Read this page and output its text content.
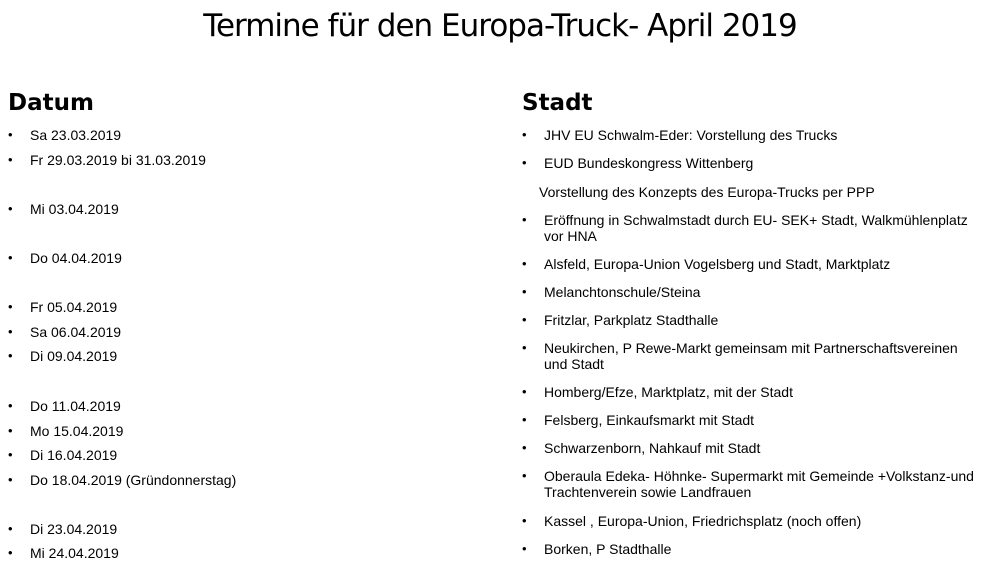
Termine für den Europa-Truck- April 2019
Datum	Stadt
• Sa 23.03.2019
• Fr 29.03.2019 bi 31.03.2019
• Mi 03.04.2019
• Do 04.04.2019
• Fr 05.04.2019
• Sa 06.04.2019
• Di 09.04.2019
• Do 11.04.2019
• Mo 15.04.2019
• Di 16.04.2019
• Do 18.04.2019 (Gründonnerstag)
• Di 23.04.2019
• Mi 24.04.2019
• JHV EU Schwalm-Eder: Vorstellung des Trucks
• EUD Bundeskongress Wittenberg
Vorstellung des Konzepts des Europa-Trucks per PPP
• Eröffnung in Schwalmstadt durch EU- SEK+ Stadt, Walkmühlenplatz vor HNA
• Alsfeld, Europa-Union Vogelsberg und Stadt, Marktplatz
• Melanchtonschule/Steina
• Fritzlar, Parkplatz Stadthalle
• Neukirchen, P Rewe-Markt gemeinsam mit Partnerschaftsvereinen und Stadt
• Homberg/Efze, Marktplatz, mit der Stadt
• Felsberg, Einkaufsmarkt mit Stadt
• Schwarzenborn, Nahkauf mit Stadt
• Oberaula Edeka- Höhnke- Supermarkt mit Gemeinde +Volkstanz-und Trachtenverein sowie Landfrauen
• Kassel , Europa-Union, Friedrichsplatz (noch offen)
• Borken, P Stadthalle
